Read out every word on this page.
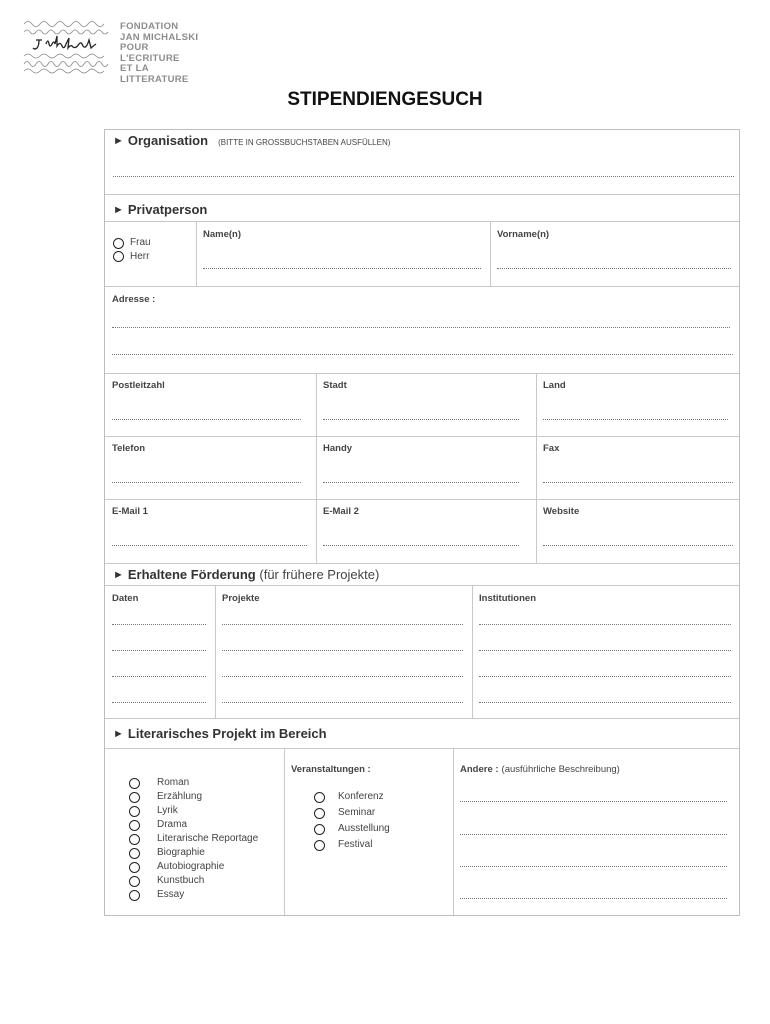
FONDATION
JAN MICHALSKI
POUR
L'ECRITURE
ET LA
LITTERATURE
STIPENDIENGESUCH
► Organisation (BITTE IN GROSSBUCHSTABEN AUSFÜLLEN)
► Privatperson
Frau
Herr
Name(n)	Vorname(n)
Adresse :
Postleitzahl	Stadt	Land
Telefon	Handy	Fax
E-Mail 1	E-Mail 2	Website
► Erhaltene Förderung (für frühere Projekte)
Daten	Projekte	Institutionen
► Literarisches Projekt im Bereich
Roman
Erzählung
Lyrik
Drama
Literarische Reportage
Biographie
Autobiographie
Kunstbuch
Essay
Veranstaltungen :
Konferenz
Seminar
Ausstellung
Festival
Andere : (ausführliche Beschreibung)
